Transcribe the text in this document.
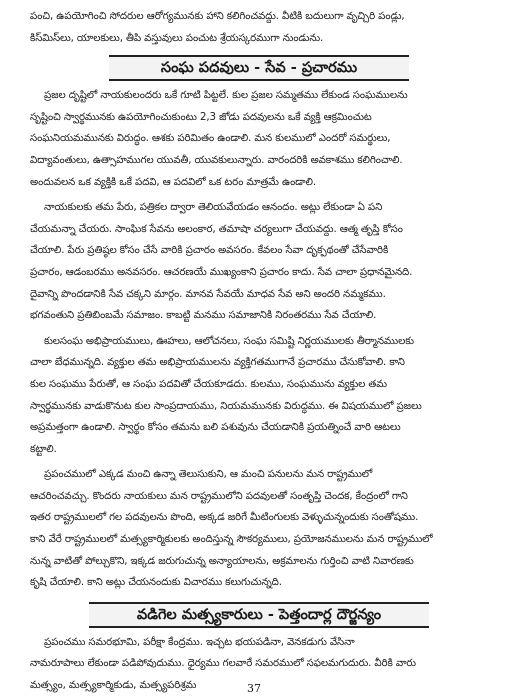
పంచి, ఉపయోగించి సోదరుల ఆరోగ్యమునకు హాని కలిగించవద్దు. వీటికి బదులుగా వృచ్చిరి పండ్లు,
కిస్‌మిస్‌లు, యాలకులు, తీపి వస్తువులు పంచుట శ్రేయస్కరముగా నుండును.
సంఘ పదవులు - సేవ - ప్రచారము
ప్రజల దృష్టిలో నాయకులందరు ఒకే గూటి పిట్టలే. కుల ప్రజల సమ్మతము లేకుండ సంఘములను
సృష్టించి స్వార్థమునకు ఉపయోగించుకుంటు 2,3 జోడు పదవులను ఒకే వ్యక్తి ఆక్రమించుట
సంఘనియమమునకు విరుద్ధం. ఆశకు పరిమితం ఉండాలి. మన కులములో ఎందరో సమర్థులు,
విద్యావంతులు, ఉత్సాహముగల యువతీ, యువకులున్నారు. వారందరికి అవకాశము కలిగించాలి.
అందువలన ఒక వ్యక్తికి ఒకే పదవి, ఆ పదవిలో ఒక టరం మాత్రమే ఉండాలి.
నాయకులకు తమ పేరు, పత్రికల ద్వారా తెలియవేయడం ఆనందం. అట్లు లేకుండా ఏ పని
చేయమన్నా చేయరు. సాంఘిక సేవను అలంకార, తమాషా చర్యలుగా చేయవద్దు. ఆత్మ తృప్తి కోసం
చేయాలి. పేరు ప్రతిష్ఠల కోసం చేసే వారికి ప్రచారం అవసరం. కేవలం సేవా దృక్పథంతో చేసేవారికి
ప్రచారం, ఆడంబరము అనవసరం. ఆచరణయే ముఖ్యంకాని ప్రచారం కాదు. సేవ చాలా ప్రధానమైనది.
దైవాన్ని పొందడానికి సేవ చక్కని మార్గం. మానవ సేవయే మాధవ సేవ అని అందరి నమ్మకము.
భగవంతుని ప్రతిబింబమే సమాజం. కాబట్టి మనము సమాజానికి నిరంతరము సేవ చేయాలి.
కులసంఘ అభిప్రాయములు, ఊహలు, ఆలోచనలు, సంఘ సమిష్టి నిర్ణయములకు తీర్మానములకు
చాలా బేధమున్నది. వ్యక్తుల తమ అభిప్రాయములను వ్యక్తిగతముగానే ప్రచారము చేసుకోవాలి. కాని
కుల సంఘము పేరుతో, ఆ సంఘ పదవితో చేయకూడదు. కులము, సంఘమును వ్యక్తుల తమ
స్వార్థమునకు వాడుకొనుట కుల సాంప్రదాయము, నియమమునకు విరుద్ధము. ఈ విషయములో ప్రజలు
అప్రమత్తంగా ఉండాలి. స్వార్థం కోసం తమను బలి పశువును చేయడానికి ప్రయత్నించే వారి ఆటలు
కట్టాలి.
ప్రపంచములో ఎక్కడ మంచి ఉన్నా తెలుసుకుని, ఆ మంచి పనులను మన రాష్ట్రములో
ఆచరించవచ్చు. కొందరు నాయకులు మన రాష్ట్రములోని పదవులతో సంతృప్తి చెందక, కేంద్రంలో గాని
ఇతర రాష్ట్రములలో గల పదవులను పొంది, అక్కడ జరిగే మీటింగులకు వెళ్ళుచున్నందుకు సంతోషము.
కాని వేరే రాష్ట్రములలో మత్స్యకార్మికులకు అందిస్తున్న సౌకర్యములు, ప్రయోజనములను మన రాష్ట్రములో
నున్న వాటితో పోల్చుకొని, ఇక్కడ జరుగుచున్న అన్యాయాలను, అక్రమాలను గుర్తించి వాటి నివారణకు
కృషి చేయాలి. కాని అట్లు చేయనందుకు విచారము కలుగుచున్నది.
వడిగెల మత్స్యకారులు - పెత్తందార్ల దౌర్జన్యం
ప్రపంచము సమరభూమి, పరీక్షా కేంద్రము. ఇచ్చట భయపడినా, వెనకడుగు వేసినా
నామరూపాలు లేకుండా పడిపోవుదుము. ధైర్యము గలవారే సమరములో సఫలమగుదురు. వీరికి వారు
మత్స్యం, మత్స్యకార్మికుడు, మత్స్యపరిశ్రమ	37
